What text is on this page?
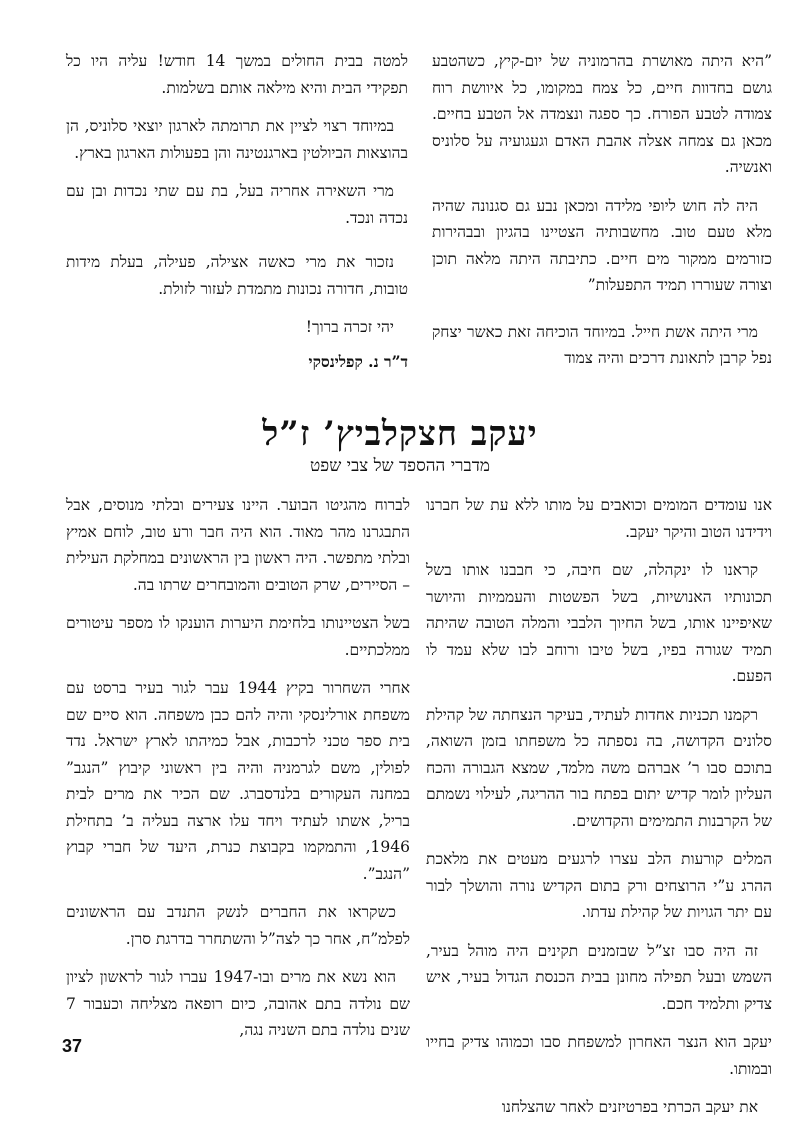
”היא היתה מאושרת בהרמוניה של יום-קיץ, כשהטבע גושם בחדוות חיים, כל צמח במקומו, כל איוושת רוח צמודה לטבע הפורח. כך ספגה ונצמדה אל הטבע בחיים. מכאן גם צמחה אצלה אהבת האדם וגעגועיה על סלוניס ואנשיה.

היה לה חוש ליופי מלידה ומכאן נבע גם סגנונה שהיה מלא טעם טוב. מחשבותיה הצטיינו בהגיון ובבהירות כזורמים ממקור מים חיים. כתיבתה היתה מלאה תוכן וצורה שעוררו תמיד התפעלות”

מרי היתה אשת חייל. במיוחד הוכיחה זאת כאשר יצחק נפל קרבן לתאונת דרכים והיה צמוד

למטה בבית החולים במשך 14 חודש! עליה היו כל תפקידי הבית והיא מילאה אותם בשלמות.

במיוחד רצוי לציין את תרומתה לארגון יוצאי סלוניס, הן בהוצאות הביולטין בארגנטינה והן בפעולות הארגון בארץ.

מרי השאירה אחריה בעל, בת עם שתי נכדות ובן עם נכדה ונכד.

נזכור את מרי כאשה אצילה, פעילה, בעלת מידות טובות, חדורה נכונות מתמדת לעזור לזולת.

יהי זכרה ברוך!

ד”ר נ. קפלינסקי
יעקב חצקלביץ’ ז”ל
מדברי ההספד של צבי שפט

אנו עומדים המומים וכואבים על מותו ללא עת של חברנו וידידנו הטוב והיקר יעקב.

קראנו לו ינקהלה, שם חיבה, כי חבבנו אותו בשל תכונותיו האנושיות, בשל הפשטות והעממיות והיושר שאיפיינו אותו, בשל החיוך הלבבי והמלה הטובה שהיתה תמיד שגורה בפיו, בשל טיבו ורוחב לבו שלא עמד לו הפעם.

רקמנו תכניות אחדות לעתיד, בעיקר הנצחתה של קהילת סלונים הקדושה, בה נספתה כל משפחתו בזמן השואה, בתוכם סבו ר’ אברהם משה מלמד, שמצא הגבורה והכח העליון לומר קדיש יתום בפתח בור ההריגה, לעילוי נשמתם של הקרבנות התמימים והקדושים.

המלים קורעות הלב עצרו לרגעים מעטים את מלאכת ההרג ע”י הרוצחים ורק בתום הקדיש נורה והושלך לבור עם יתר הגויות של קהילת עדתו.

זה היה סבו זצ”ל שבזמנים תקינים היה מוהל בעיר, השמש ובעל תפילה מחונן בבית הכנסת הגדול בעיר, איש צדיק ותלמיד חכם.

יעקב הוא הנצר האחרון למשפחת סבו וכמוהו צדיק בחייו ובמותו.

את יעקב הכרתי בפרטיזנים לאחר שהצלחנו

לברוח מהגיטו הבוער. היינו צעירים ובלתי מנוסים, אבל התבגרנו מהר מאוד. הוא היה חבר ורע טוב, לוחם אמיץ ובלתי מתפשר. היה ראשון בין הראשונים במחלקת העילית – הסיירים, שרק הטובים והמובחרים שרתו בה.

בשל הצטיינותו בלחימת היערות הוענקו לו מספר עיטורים ממלכתיים.

אחרי השחרור בקיץ 1944 עבר לגור בעיר ברסט עם משפחת אורלינסקי והיה להם כבן משפחה. הוא סיים שם בית ספר טכני לרכבות, אבל כמיהתו לארץ ישראל. נדד לפולין, משם לגרמניה והיה בין ראשוני קיבוץ ”הנגב” במחנה העקורים בלנדסברג. שם הכיר את מרים לבית בריל, אשתו לעתיד ויחד עלו ארצה בעליה ב’ בתחילת 1946, והתמקמו בקבוצת כנרת, היעד של חברי קבוץ ”הנגב”.

כשקראו את החברים לנשק התנדב עם הראשונים לפלמ”ח, אחר כך לצה”ל והשתחרר בדרגת סרן.

הוא נשא את מרים ובו-1947 עברו לגור לראשון לציון שם נולדה בתם אהובה, כיום רופאה מצליחה וכעבור 7 שנים נולדה בתם השניה נגה,

37
